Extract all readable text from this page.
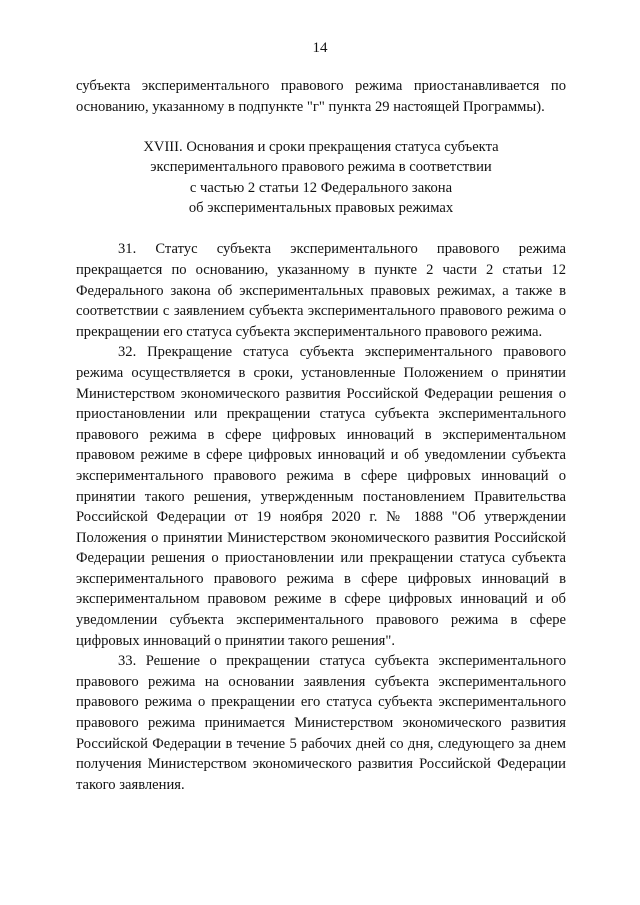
14

субъекта экспериментального правового режима приостанавливается по основанию, указанному в подпункте "г" пункта 29 настоящей Программы).

XVIII. Основания и сроки прекращения статуса субъекта
экспериментального правового режима в соответствии
с частью 2 статьи 12 Федерального закона
об экспериментальных правовых режимах

31. Статус субъекта экспериментального правового режима прекращается по основанию, указанному в пункте 2 части 2 статьи 12 Федерального закона об экспериментальных правовых режимах, а также в соответствии с заявлением субъекта экспериментального правового режима о прекращении его статуса субъекта экспериментального правового режима.

32. Прекращение статуса субъекта экспериментального правового режима осуществляется в сроки, установленные Положением о принятии Министерством экономического развития Российской Федерации решения о приостановлении или прекращении статуса субъекта экспериментального правового режима в сфере цифровых инноваций в экспериментальном правовом режиме в сфере цифровых инноваций и об уведомлении субъекта экспериментального правового режима в сфере цифровых инноваций о принятии такого решения, утвержденным постановлением Правительства Российской Федерации от 19 ноября 2020 г. № 1888 "Об утверждении Положения о принятии Министерством экономического развития Российской Федерации решения о приостановлении или прекращении статуса субъекта экспериментального правового режима в сфере цифровых инноваций в экспериментальном правовом режиме в сфере цифровых инноваций и об уведомлении субъекта экспериментального правового режима в сфере цифровых инноваций о принятии такого решения".

33. Решение о прекращении статуса субъекта экспериментального правового режима на основании заявления субъекта экспериментального правового режима о прекращении его статуса субъекта экспериментального правового режима принимается Министерством экономического развития Российской Федерации в течение 5 рабочих дней со дня, следующего за днем получения Министерством экономического развития Российской Федерации такого заявления.
